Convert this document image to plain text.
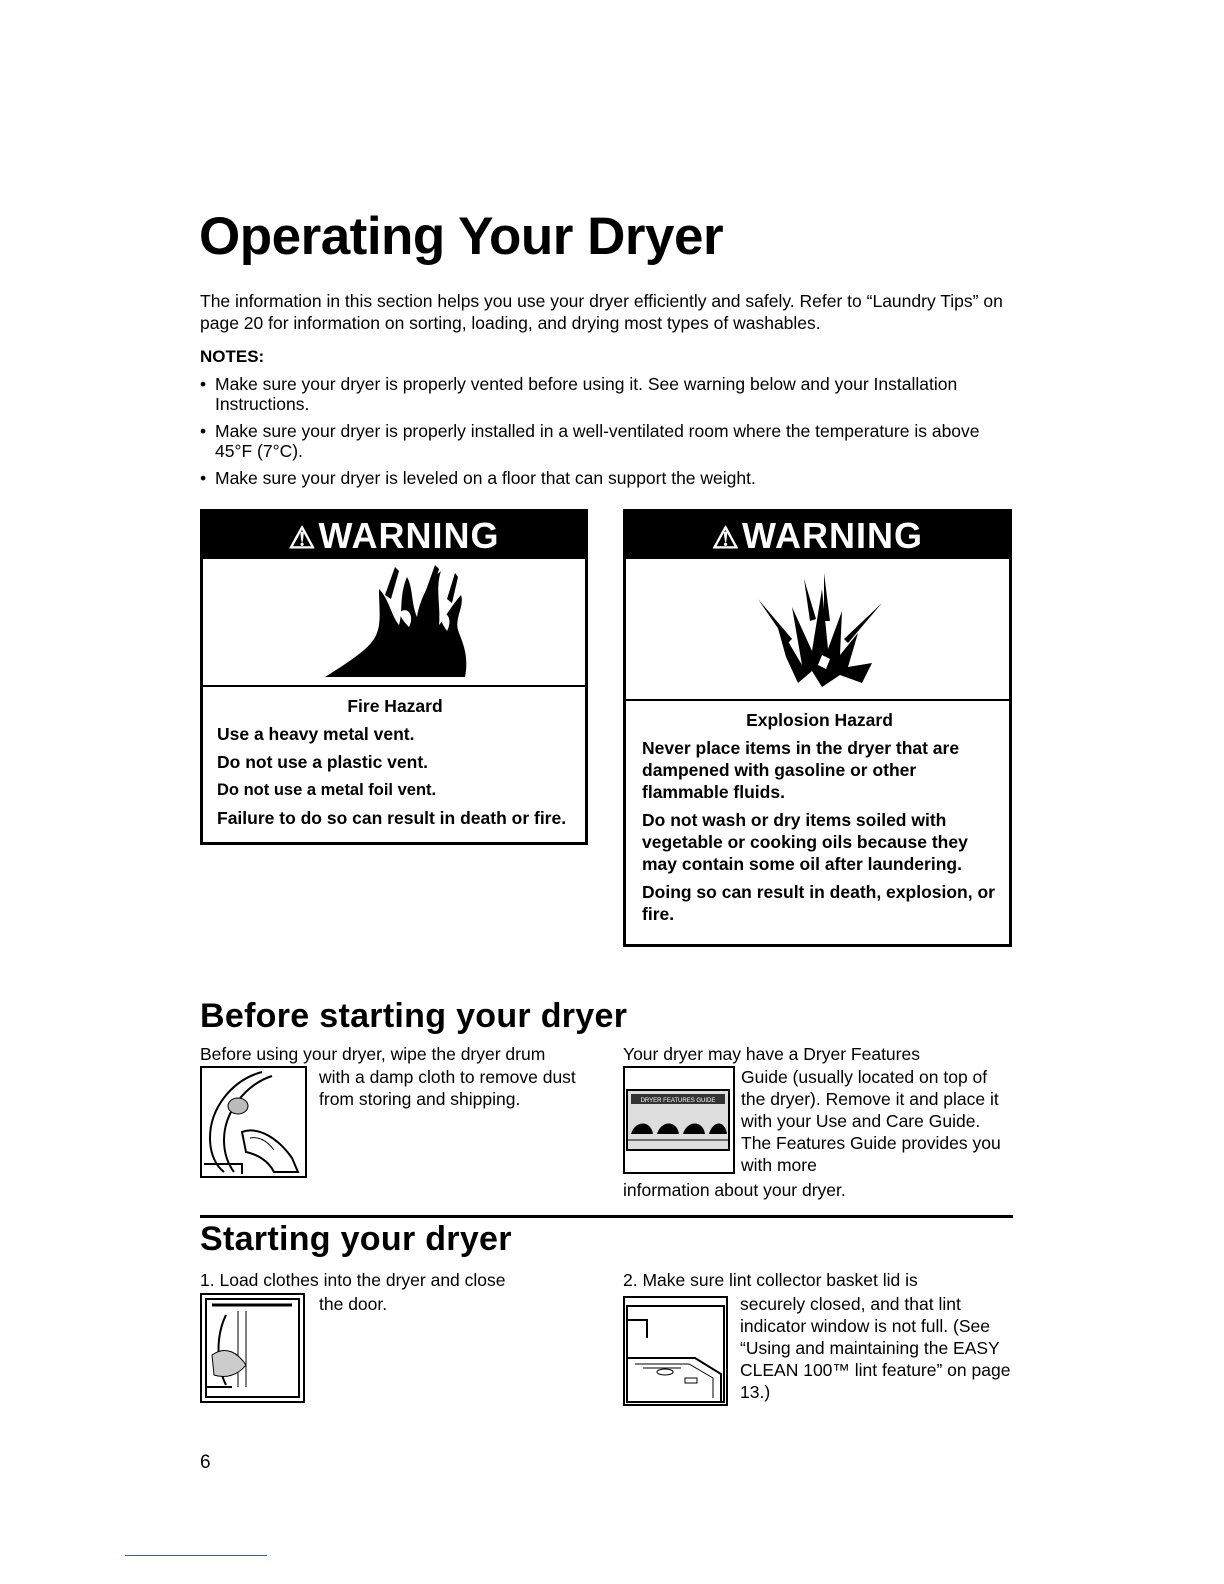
Operating Your Dryer
The information in this section helps you use your dryer efficiently and safely. Refer to “Laundry Tips” on page 20 for information on sorting, loading, and drying most types of washables.
NOTES:
• Make sure your dryer is properly vented before using it. See warning below and your Installation Instructions.
• Make sure your dryer is properly installed in a well-ventilated room where the temperature is above 45°F (7°C).
• Make sure your dryer is leveled on a floor that can support the weight.
⚠WARNING

Fire Hazard

Use a heavy metal vent.

Do not use a plastic vent.

Do not use a metal foil vent.

Failure to do so can result in death or fire.

⚠WARNING

Explosion Hazard

Never place items in the dryer that are dampened with gasoline or other flammable fluids.

Do not wash or dry items soiled with vegetable or cooking oils because they may contain some oil after laundering.

Doing so can result in death, explosion, or fire.

Before starting your dryer
Before using your dryer, wipe the dryer drum
with a damp cloth to remove dust from storing and shipping.
Your dryer may have a Dryer Features
DRYER FEATURES GUIDE
Guide (usually located on top of the dryer). Remove it and place it with your Use and Care Guide. The Features Guide provides you with more
information about your dryer.
Starting your dryer
1. Load clothes into the dryer and close
the door.
2. Make sure lint collector basket lid is
securely closed, and that lint indicator window is not full. (See “Using and maintaining the EASY CLEAN 100™ lint feature” on page 13.)
6
